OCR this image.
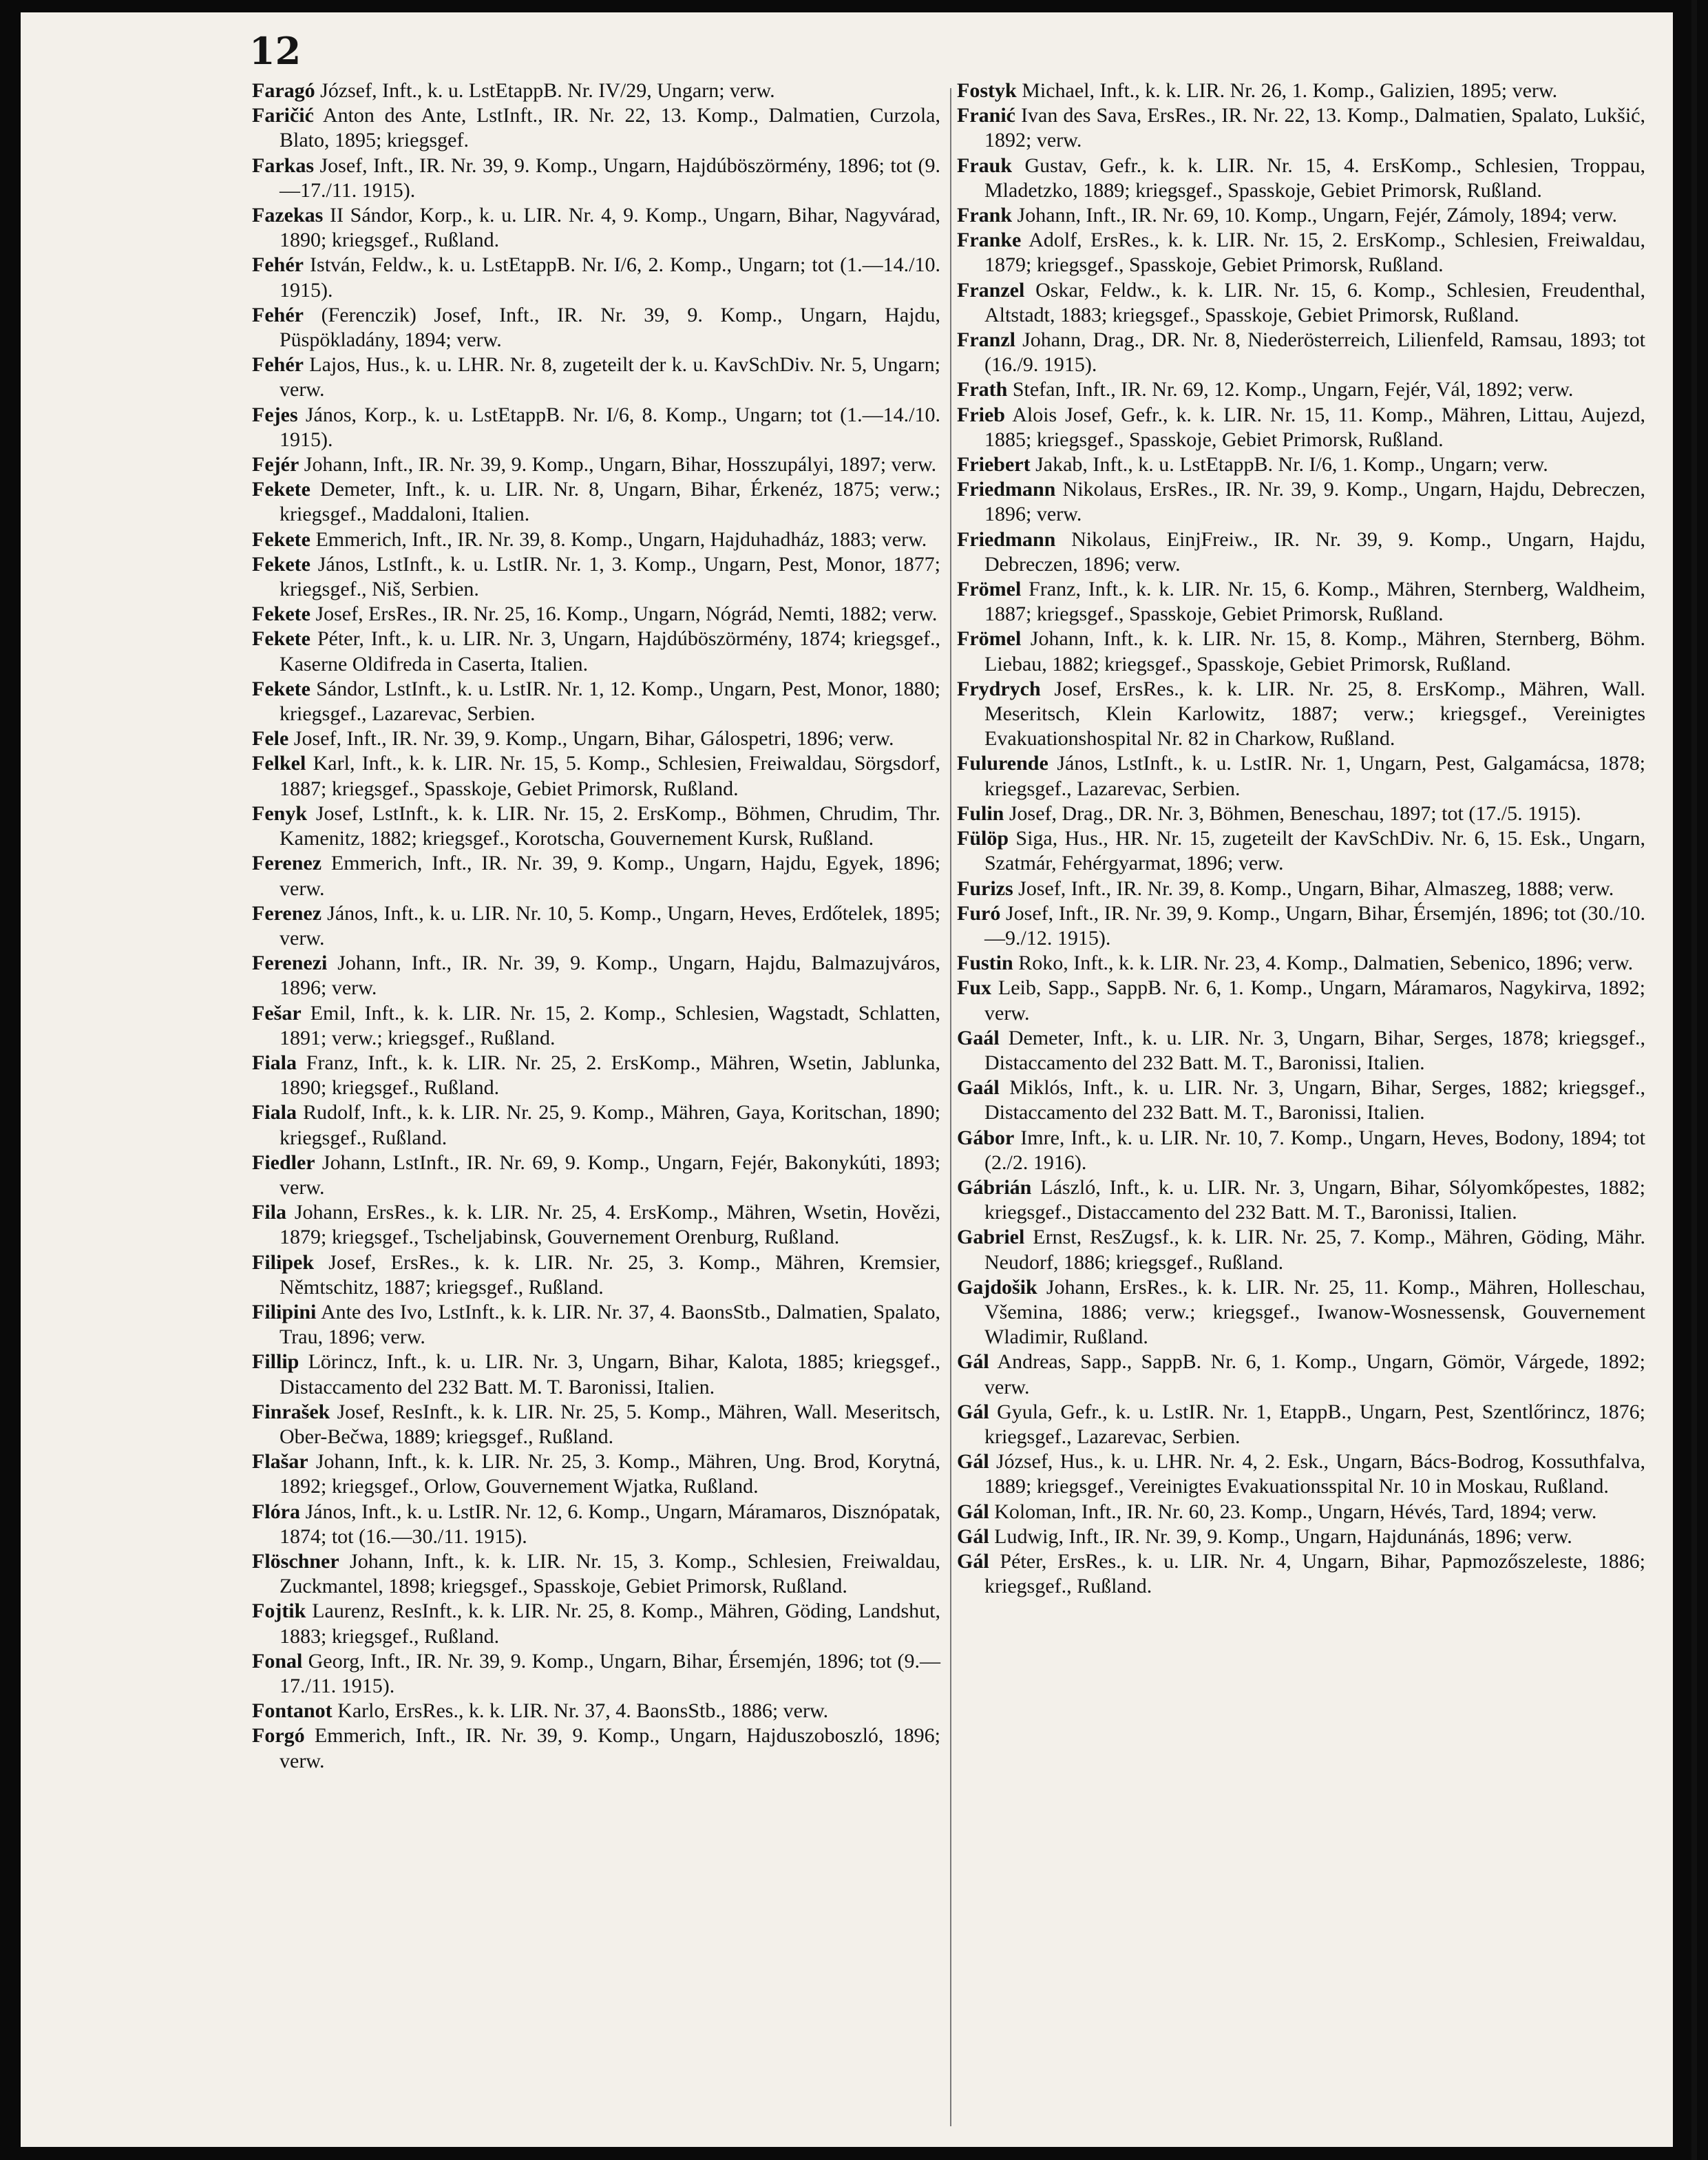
12

Faragó József, Inft., k. u. LstEtappB. Nr. IV/29, Ungarn; verw.

Faričić Anton des Ante, LstInft., IR. Nr. 22, 13. Komp., Dalmatien, Curzola, Blato, 1895; kriegsgef.

Farkas Josef, Inft., IR. Nr. 39, 9. Komp., Ungarn, Hajdúböszörmény, 1896; tot (9.—17./11. 1915).

Fazekas II Sándor, Korp., k. u. LIR. Nr. 4, 9. Komp., Ungarn, Bihar, Nagyvárad, 1890; kriegsgef., Rußland.

Fehér István, Feldw., k. u. LstEtappB. Nr. I/6, 2. Komp., Ungarn; tot (1.—14./10. 1915).

Fehér (Ferenczik) Josef, Inft., IR. Nr. 39, 9. Komp., Ungarn, Hajdu, Püspökladány, 1894; verw.

Fehér Lajos, Hus., k. u. LHR. Nr. 8, zugeteilt der k. u. KavSchDiv. Nr. 5, Ungarn; verw.

Fejes János, Korp., k. u. LstEtappB. Nr. I/6, 8. Komp., Ungarn; tot (1.—14./10. 1915).

Fejér Johann, Inft., IR. Nr. 39, 9. Komp., Ungarn, Bihar, Hosszupályi, 1897; verw.

Fekete Demeter, Inft., k. u. LIR. Nr. 8, Ungarn, Bihar, Érkenéz, 1875; verw.; kriegsgef., Maddaloni, Italien.

Fekete Emmerich, Inft., IR. Nr. 39, 8. Komp., Ungarn, Hajduhadház, 1883; verw.

Fekete János, LstInft., k. u. LstIR. Nr. 1, 3. Komp., Ungarn, Pest, Monor, 1877; kriegsgef., Niš, Serbien.

Fekete Josef, ErsRes., IR. Nr. 25, 16. Komp., Ungarn, Nógrád, Nemti, 1882; verw.

Fekete Péter, Inft., k. u. LIR. Nr. 3, Ungarn, Hajdúböszörmény, 1874; kriegsgef., Kaserne Oldifreda in Caserta, Italien.

Fekete Sándor, LstInft., k. u. LstIR. Nr. 1, 12. Komp., Ungarn, Pest, Monor, 1880; kriegsgef., Lazarevac, Serbien.

Fele Josef, Inft., IR. Nr. 39, 9. Komp., Ungarn, Bihar, Gálospetri, 1896; verw.

Felkel Karl, Inft., k. k. LIR. Nr. 15, 5. Komp., Schlesien, Freiwaldau, Sörgsdorf, 1887; kriegsgef., Spasskoje, Gebiet Primorsk, Rußland.

Fenyk Josef, LstInft., k. k. LIR. Nr. 15, 2. ErsKomp., Böhmen, Chrudim, Thr. Kamenitz, 1882; kriegsgef., Korotscha, Gouvernement Kursk, Rußland.

Ferenez Emmerich, Inft., IR. Nr. 39, 9. Komp., Ungarn, Hajdu, Egyek, 1896; verw.

Ferenez János, Inft., k. u. LIR. Nr. 10, 5. Komp., Ungarn, Heves, Erdőtelek, 1895; verw.

Ferenezi Johann, Inft., IR. Nr. 39, 9. Komp., Ungarn, Hajdu, Balmazujváros, 1896; verw.

Fešar Emil, Inft., k. k. LIR. Nr. 15, 2. Komp., Schlesien, Wagstadt, Schlatten, 1891; verw.; kriegsgef., Rußland.

Fiala Franz, Inft., k. k. LIR. Nr. 25, 2. ErsKomp., Mähren, Wsetin, Jablunka, 1890; kriegsgef., Rußland.

Fiala Rudolf, Inft., k. k. LIR. Nr. 25, 9. Komp., Mähren, Gaya, Koritschan, 1890; kriegsgef., Rußland.

Fiedler Johann, LstInft., IR. Nr. 69, 9. Komp., Ungarn, Fejér, Bakonykúti, 1893; verw.

Fila Johann, ErsRes., k. k. LIR. Nr. 25, 4. ErsKomp., Mähren, Wsetin, Hovězi, 1879; kriegsgef., Tscheljabinsk, Gouvernement Orenburg, Rußland.

Filipek Josef, ErsRes., k. k. LIR. Nr. 25, 3. Komp., Mähren, Kremsier, Němtschitz, 1887; kriegsgef., Rußland.

Filipini Ante des Ivo, LstInft., k. k. LIR. Nr. 37, 4. BaonsStb., Dalmatien, Spalato, Trau, 1896; verw.

Fillip Lörincz, Inft., k. u. LIR. Nr. 3, Ungarn, Bihar, Kalota, 1885; kriegsgef., Distaccamento del 232 Batt. M. T. Baronissi, Italien.

Finrašek Josef, ResInft., k. k. LIR. Nr. 25, 5. Komp., Mähren, Wall. Meseritsch, Ober-Bečwa, 1889; kriegsgef., Rußland.

Flašar Johann, Inft., k. k. LIR. Nr. 25, 3. Komp., Mähren, Ung. Brod, Korytná, 1892; kriegsgef., Orlow, Gouvernement Wjatka, Rußland.

Flóra János, Inft., k. u. LstIR. Nr. 12, 6. Komp., Ungarn, Máramaros, Disznópatak, 1874; tot (16.—30./11. 1915).

Flöschner Johann, Inft., k. k. LIR. Nr. 15, 3. Komp., Schlesien, Freiwaldau, Zuckmantel, 1898; kriegsgef., Spasskoje, Gebiet Primorsk, Rußland.

Fojtik Laurenz, ResInft., k. k. LIR. Nr. 25, 8. Komp., Mähren, Göding, Landshut, 1883; kriegsgef., Rußland.

Fonal Georg, Inft., IR. Nr. 39, 9. Komp., Ungarn, Bihar, Érsemjén, 1896; tot (9.—17./11. 1915).

Fontanot Karlo, ErsRes., k. k. LIR. Nr. 37, 4. BaonsStb., 1886; verw.

Forgó Emmerich, Inft., IR. Nr. 39, 9. Komp., Ungarn, Hajduszoboszló, 1896; verw.

Fostyk Michael, Inft., k. k. LIR. Nr. 26, 1. Komp., Galizien, 1895; verw.

Franić Ivan des Sava, ErsRes., IR. Nr. 22, 13. Komp., Dalmatien, Spalato, Lukšić, 1892; verw.

Frauk Gustav, Gefr., k. k. LIR. Nr. 15, 4. ErsKomp., Schlesien, Troppau, Mladetzko, 1889; kriegsgef., Spasskoje, Gebiet Primorsk, Rußland.

Frank Johann, Inft., IR. Nr. 69, 10. Komp., Ungarn, Fejér, Zámoly, 1894; verw.

Franke Adolf, ErsRes., k. k. LIR. Nr. 15, 2. ErsKomp., Schlesien, Freiwaldau, 1879; kriegsgef., Spasskoje, Gebiet Primorsk, Rußland.

Franzel Oskar, Feldw., k. k. LIR. Nr. 15, 6. Komp., Schlesien, Freudenthal, Altstadt, 1883; kriegsgef., Spasskoje, Gebiet Primorsk, Rußland.

Franzl Johann, Drag., DR. Nr. 8, Niederösterreich, Lilienfeld, Ramsau, 1893; tot (16./9. 1915).

Frath Stefan, Inft., IR. Nr. 69, 12. Komp., Ungarn, Fejér, Vál, 1892; verw.

Frieb Alois Josef, Gefr., k. k. LIR. Nr. 15, 11. Komp., Mähren, Littau, Aujezd, 1885; kriegsgef., Spasskoje, Gebiet Primorsk, Rußland.

Friebert Jakab, Inft., k. u. LstEtappB. Nr. I/6, 1. Komp., Ungarn; verw.

Friedmann Nikolaus, ErsRes., IR. Nr. 39, 9. Komp., Ungarn, Hajdu, Debreczen, 1896; verw.

Friedmann Nikolaus, EinjFreiw., IR. Nr. 39, 9. Komp., Ungarn, Hajdu, Debreczen, 1896; verw.

Frömel Franz, Inft., k. k. LIR. Nr. 15, 6. Komp., Mähren, Sternberg, Waldheim, 1887; kriegsgef., Spasskoje, Gebiet Primorsk, Rußland.

Frömel Johann, Inft., k. k. LIR. Nr. 15, 8. Komp., Mähren, Sternberg, Böhm. Liebau, 1882; kriegsgef., Spasskoje, Gebiet Primorsk, Rußland.

Frydrych Josef, ErsRes., k. k. LIR. Nr. 25, 8. ErsKomp., Mähren, Wall. Meseritsch, Klein Karlowitz, 1887; verw.; kriegsgef., Vereinigtes Evakuationshospital Nr. 82 in Charkow, Rußland.

Fulurende János, LstInft., k. u. LstIR. Nr. 1, Ungarn, Pest, Galgamácsa, 1878; kriegsgef., Lazarevac, Serbien.

Fulin Josef, Drag., DR. Nr. 3, Böhmen, Beneschau, 1897; tot (17./5. 1915).

Fülöp Siga, Hus., HR. Nr. 15, zugeteilt der KavSchDiv. Nr. 6, 15. Esk., Ungarn, Szatmár, Fehérgyarmat, 1896; verw.

Furizs Josef, Inft., IR. Nr. 39, 8. Komp., Ungarn, Bihar, Almaszeg, 1888; verw.

Furó Josef, Inft., IR. Nr. 39, 9. Komp., Ungarn, Bihar, Érsemjén, 1896; tot (30./10.—9./12. 1915).

Fustin Roko, Inft., k. k. LIR. Nr. 23, 4. Komp., Dalmatien, Sebenico, 1896; verw.

Fux Leib, Sapp., SappB. Nr. 6, 1. Komp., Ungarn, Máramaros, Nagykirva, 1892; verw.

Gaál Demeter, Inft., k. u. LIR. Nr. 3, Ungarn, Bihar, Serges, 1878; kriegsgef., Distaccamento del 232 Batt. M. T., Baronissi, Italien.

Gaál Miklós, Inft., k. u. LIR. Nr. 3, Ungarn, Bihar, Serges, 1882; kriegsgef., Distaccamento del 232 Batt. M. T., Baronissi, Italien.

Gábor Imre, Inft., k. u. LIR. Nr. 10, 7. Komp., Ungarn, Heves, Bodony, 1894; tot (2./2. 1916).

Gábrián László, Inft., k. u. LIR. Nr. 3, Ungarn, Bihar, Sólyomkőpestes, 1882; kriegsgef., Distaccamento del 232 Batt. M. T., Baronissi, Italien.

Gabriel Ernst, ResZugsf., k. k. LIR. Nr. 25, 7. Komp., Mähren, Göding, Mähr. Neudorf, 1886; kriegsgef., Rußland.

Gajdošik Johann, ErsRes., k. k. LIR. Nr. 25, 11. Komp., Mähren, Holleschau, Všemina, 1886; verw.; kriegsgef., Iwanow-Wosnessensk, Gouvernement Wladimir, Rußland.

Gál Andreas, Sapp., SappB. Nr. 6, 1. Komp., Ungarn, Gömör, Várgede, 1892; verw.

Gál Gyula, Gefr., k. u. LstIR. Nr. 1, EtappB., Ungarn, Pest, Szentlőrincz, 1876; kriegsgef., Lazarevac, Serbien.

Gál József, Hus., k. u. LHR. Nr. 4, 2. Esk., Ungarn, Bács-Bodrog, Kossuthfalva, 1889; kriegsgef., Vereinigtes Evakuationsspital Nr. 10 in Moskau, Rußland.

Gál Koloman, Inft., IR. Nr. 60, 23. Komp., Ungarn, Hévés, Tard, 1894; verw.

Gál Ludwig, Inft., IR. Nr. 39, 9. Komp., Ungarn, Hajdunánás, 1896; verw.

Gál Péter, ErsRes., k. u. LIR. Nr. 4, Ungarn, Bihar, Papmozőszeleste, 1886; kriegsgef., Rußland.
